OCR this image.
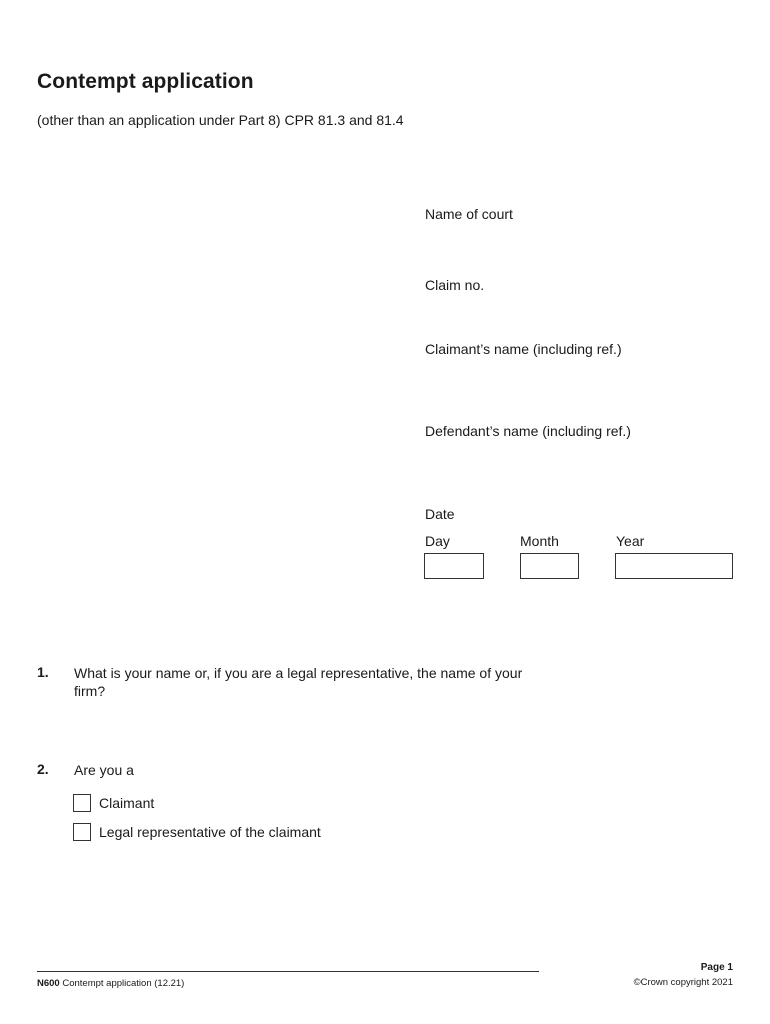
Contempt application
(other than an application under Part 8) CPR 81.3 and 81.4
Name of court
Claim no.
Claimant’s name (including ref.)
Defendant’s name (including ref.)
Date
Day	Month	Year
1. What is your name or, if you are a legal representative, the name of your firm?
2. Are you a
Claimant
Legal representative of the claimant
N600 Contempt application (12.21)
Page 1
©Crown copyright 2021
